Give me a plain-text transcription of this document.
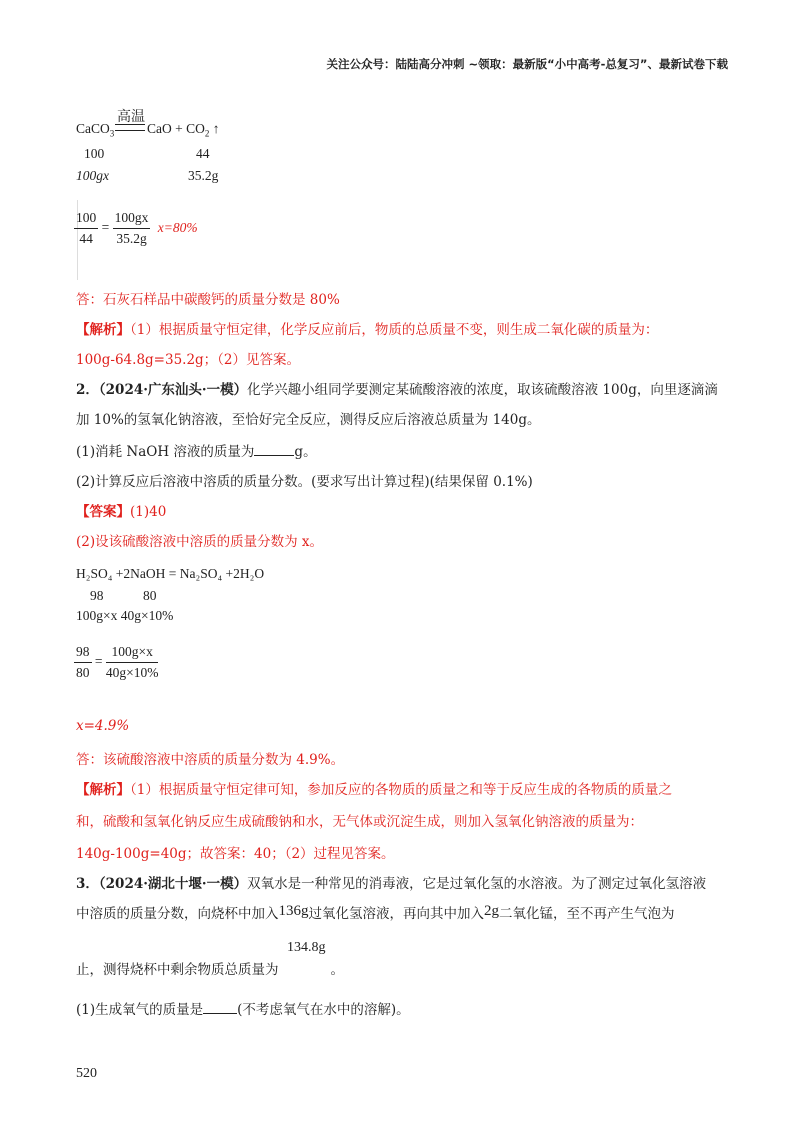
关注公众号：陆陆高分冲刺 ~领取：最新版“小中高考-总复习”、最新试卷下载
高温
CaCO$_3$ CaO + $CO_2$ ↑
100	44
100gx	35.2g
$\frac{100}{44} = \frac{100gx}{35.2g} x=80\%$
答：石灰石样品中碳酸钙的质量分数是 80%
【解析】（1）根据质量守恒定律，化学反应前后，物质的总质量不变，则生成二氧化碳的质量为：
100g-64.8g=35.2g；（2）见答案。
2．（2024·广东汕头·一模）化学兴趣小组同学要测定某硫酸溶液的浓度，取该硫酸溶液 100g，向里逐滴滴
加 10%的氢氧化钠溶液，至恰好完全反应，测得反应后溶液总质量为 140g。
(1)消耗 NaOH 溶液的质量为	g。
(2)计算反应后溶液中溶质的质量分数。(要求写出计算过程)(结果保留 0.1%)
【答案】(1)40
(2)设该硫酸溶液中溶质的质量分数为 x。
H₂SO₄ +2NaOH = Na₂SO₄ +2H₂O
98	80
100g×x 40g×10%
$\frac{98}{80} = \frac{100g\times x}{40g\times 10\%}$
x=4.9%
答：该硫酸溶液中溶质的质量分数为 4.9%。
【解析】（1）根据质量守恒定律可知，参加反应的各物质的质量之和等于反应生成的各物质的质量之
和，硫酸和氢氧化钠反应生成硫酸钠和水，无气体或沉淀生成，则加入氢氧化钠溶液的质量为：
140g-100g=40g；故答案：40；（2）过程见答案。
3．（2024·湖北十堰·一模）双氧水是一种常见的消毒液，它是过氧化氢的水溶液。为了测定过氧化氢溶液
中溶质的质量分数，向烧杯中加入136g过氧化氢溶液，再向其中加入2g二氧化锰，至不再产生气泡为
134.8g
止，测得烧杯中剩余物质总质量为	。
(1)生成氧气的质量是	(不考虑氧气在水中的溶解)。
520
